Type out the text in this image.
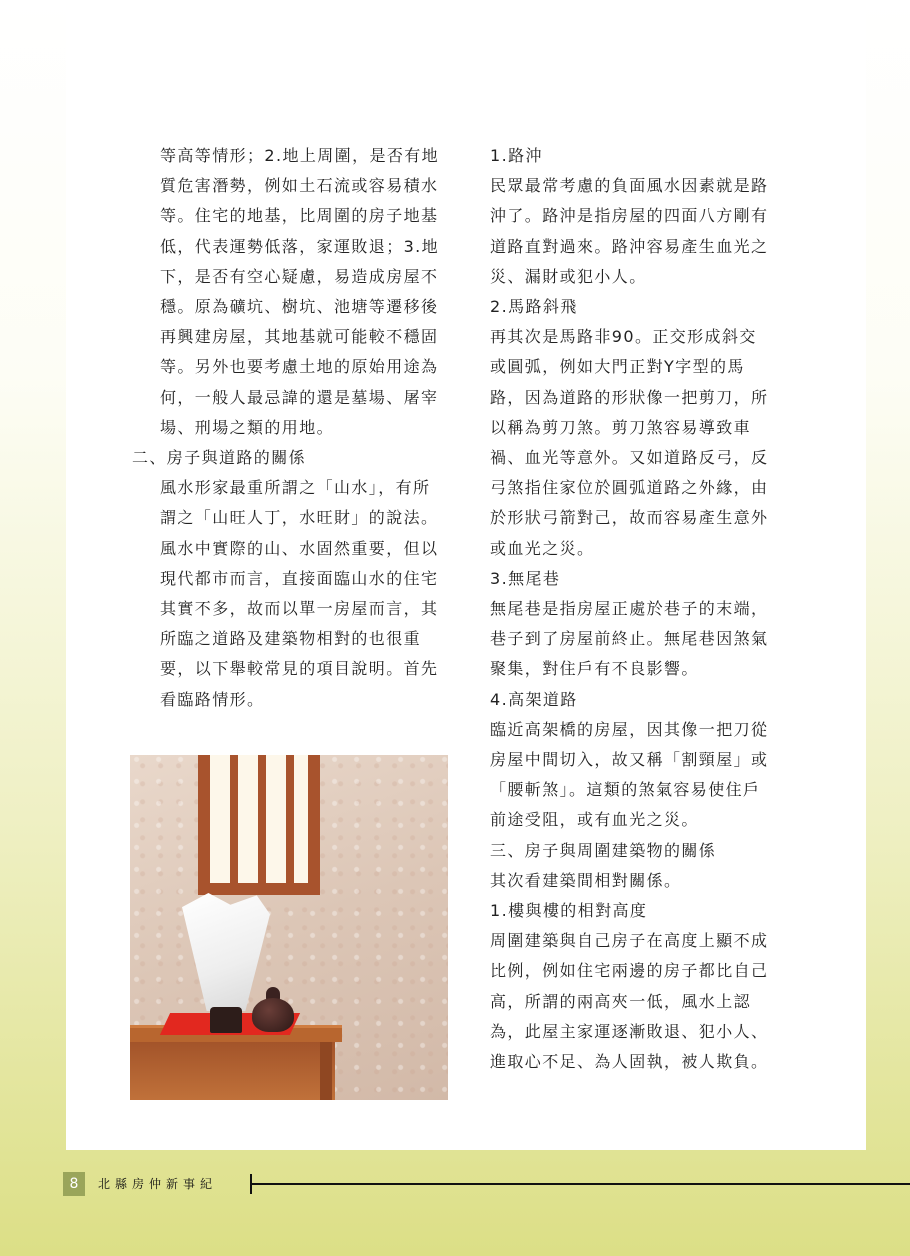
等高等情形；2.地上周圍，是否有地

質危害潛勢，例如土石流或容易積水

等。住宅的地基，比周圍的房子地基

低，代表運勢低落，家運敗退；3.地

下，是否有空心疑慮，易造成房屋不

穩。原為礦坑、樹坑、池塘等遷移後

再興建房屋，其地基就可能較不穩固

等。另外也要考慮土地的原始用途為

何，一般人最忌諱的還是墓場、屠宰

場、刑場之類的用地。

二、房子與道路的關係

風水形家最重所謂之「山水」，有所

謂之「山旺人丁，水旺財」的說法。

風水中實際的山、水固然重要，但以

現代都市而言，直接面臨山水的住宅

其實不多，故而以單一房屋而言，其

所臨之道路及建築物相對的也很重

要，以下舉較常見的項目說明。首先

看臨路情形。

1.路沖

民眾最常考慮的負面風水因素就是路

沖了。路沖是指房屋的四面八方剛有

道路直對過來。路沖容易產生血光之

災、漏財或犯小人。

2.馬路斜飛

再其次是馬路非90。正交形成斜交

或圓弧，例如大門正對Y字型的馬

路，因為道路的形狀像一把剪刀，所

以稱為剪刀煞。剪刀煞容易導致車

禍、血光等意外。又如道路反弓，反

弓煞指住家位於圓弧道路之外緣，由

於形狀弓箭對己，故而容易產生意外

或血光之災。

3.無尾巷

無尾巷是指房屋正處於巷子的末端，

巷子到了房屋前終止。無尾巷因煞氣

聚集，對住戶有不良影響。

4.高架道路

臨近高架橋的房屋，因其像一把刀從

房屋中間切入，故又稱「割頸屋」或

「腰斬煞」。這類的煞氣容易使住戶

前途受阻，或有血光之災。

三、房子與周圍建築物的關係

其次看建築間相對關係。

1.樓與樓的相對高度

周圍建築與自己房子在高度上顯不成

比例，例如住宅兩邊的房子都比自己

高，所謂的兩高夾一低，風水上認

為，此屋主家運逐漸敗退、犯小人、

進取心不足、為人固執，被人欺負。

8	北縣房仲新事紀
